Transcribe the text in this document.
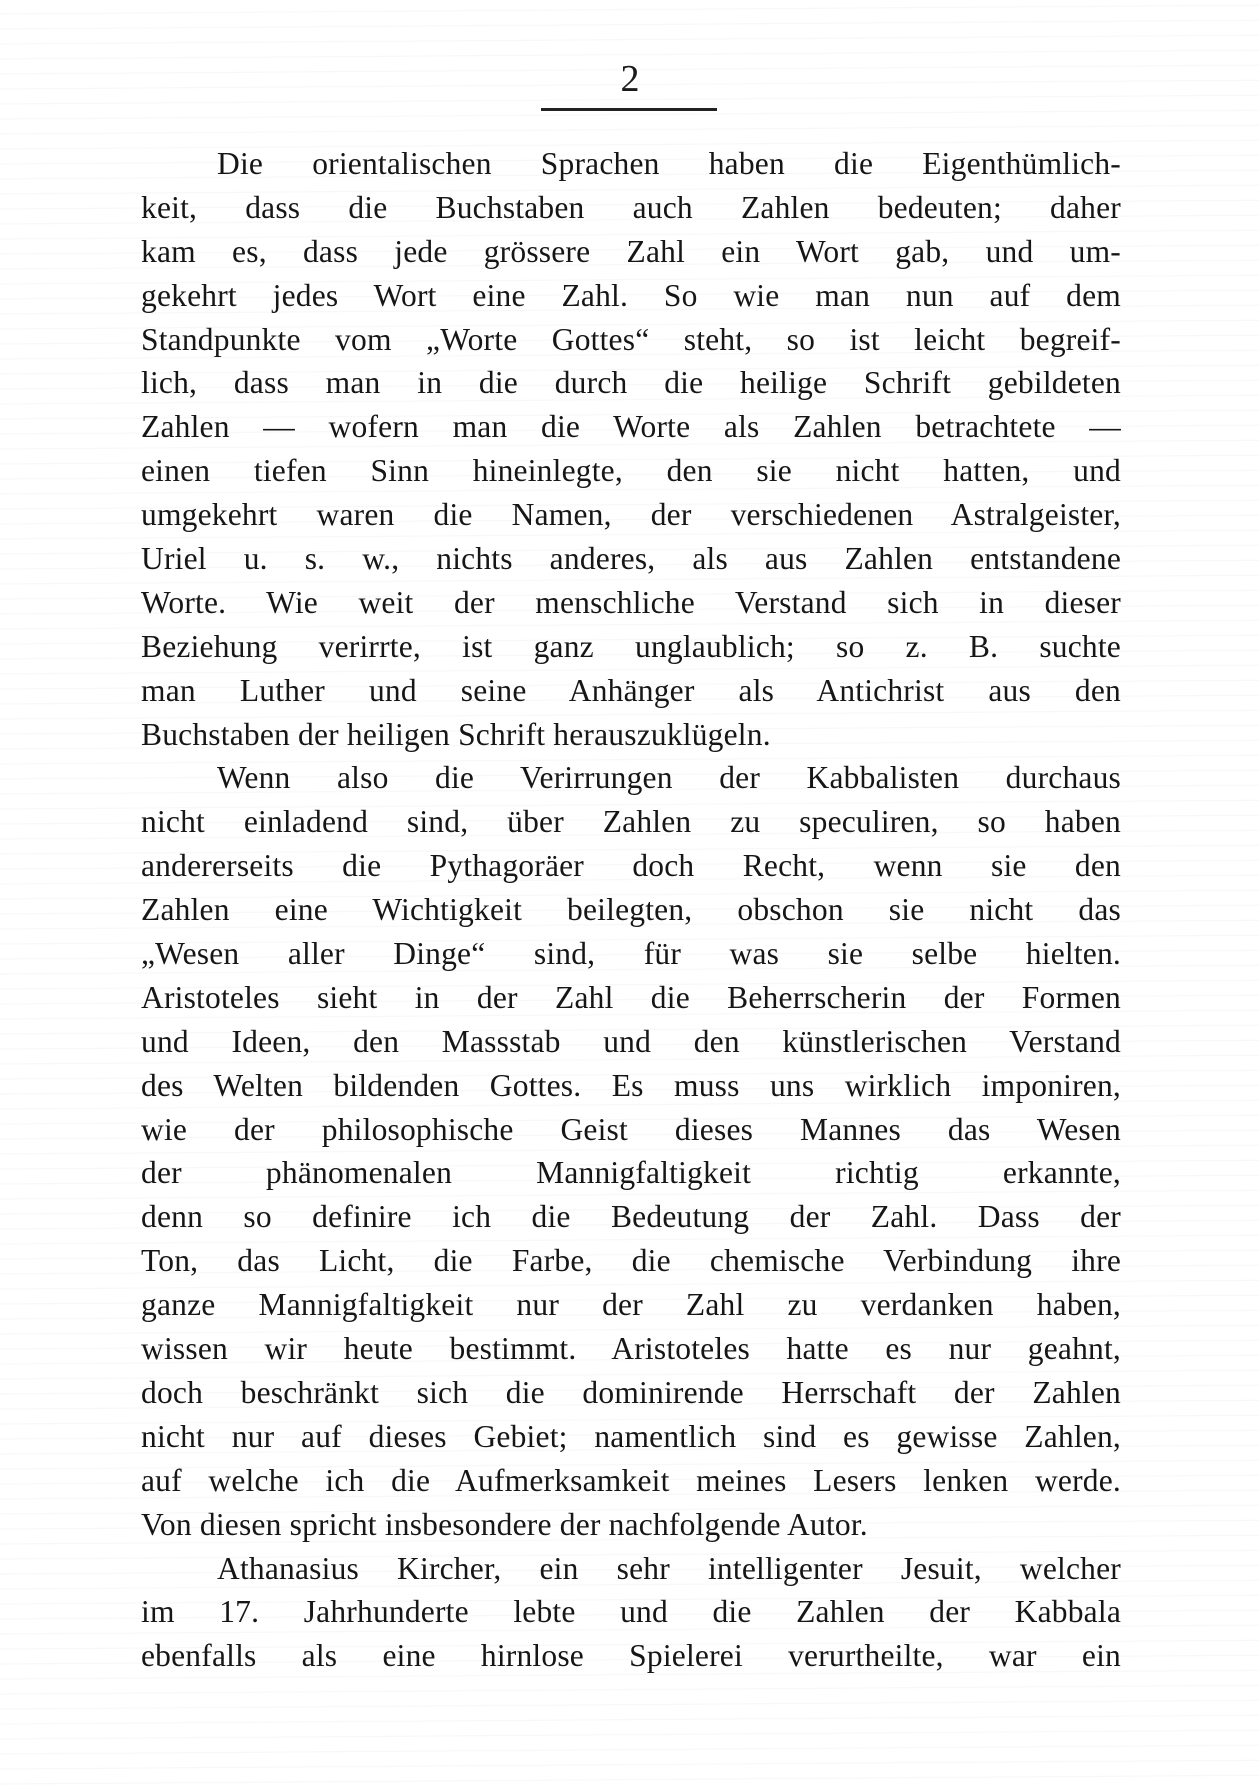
2
Die orientalischen Sprachen haben die Eigenthümlich-
keit, dass die Buchstaben auch Zahlen bedeuten; daher
kam es, dass jede grössere Zahl ein Wort gab, und um-
gekehrt jedes Wort eine Zahl. So wie man nun auf dem
Standpunkte vom „Worte Gottes“ steht, so ist leicht begreif-
lich, dass man in die durch die heilige Schrift gebildeten
Zahlen — wofern man die Worte als Zahlen betrachtete —
einen tiefen Sinn hineinlegte, den sie nicht hatten, und
umgekehrt waren die Namen, der verschiedenen Astralgeister,
Uriel u. s. w., nichts anderes, als aus Zahlen entstandene
Worte. Wie weit der menschliche Verstand sich in dieser
Beziehung verirrte, ist ganz unglaublich; so z. B. suchte
man Luther und seine Anhänger als Antichrist aus den
Buchstaben der heiligen Schrift herauszuklügeln.
Wenn also die Verirrungen der Kabbalisten durchaus
nicht einladend sind, über Zahlen zu speculiren, so haben
andererseits die Pythagoräer doch Recht, wenn sie den
Zahlen eine Wichtigkeit beilegten, obschon sie nicht das
„Wesen aller Dinge“ sind, für was sie selbe hielten.
Aristoteles sieht in der Zahl die Beherrscherin der Formen
und Ideen, den Massstab und den künstlerischen Verstand
des Welten bildenden Gottes. Es muss uns wirklich imponiren,
wie der philosophische Geist dieses Mannes das Wesen
der phänomenalen Mannigfaltigkeit richtig erkannte,
denn so definire ich die Bedeutung der Zahl. Dass der
Ton, das Licht, die Farbe, die chemische Verbindung ihre
ganze Mannigfaltigkeit nur der Zahl zu verdanken haben,
wissen wir heute bestimmt. Aristoteles hatte es nur geahnt,
doch beschränkt sich die dominirende Herrschaft der Zahlen
nicht nur auf dieses Gebiet; namentlich sind es gewisse Zahlen,
auf welche ich die Aufmerksamkeit meines Lesers lenken werde.
Von diesen spricht insbesondere der nachfolgende Autor.
Athanasius Kircher, ein sehr intelligenter Jesuit, welcher
im 17. Jahrhunderte lebte und die Zahlen der Kabbala
ebenfalls als eine hirnlose Spielerei verurtheilte, war ein
